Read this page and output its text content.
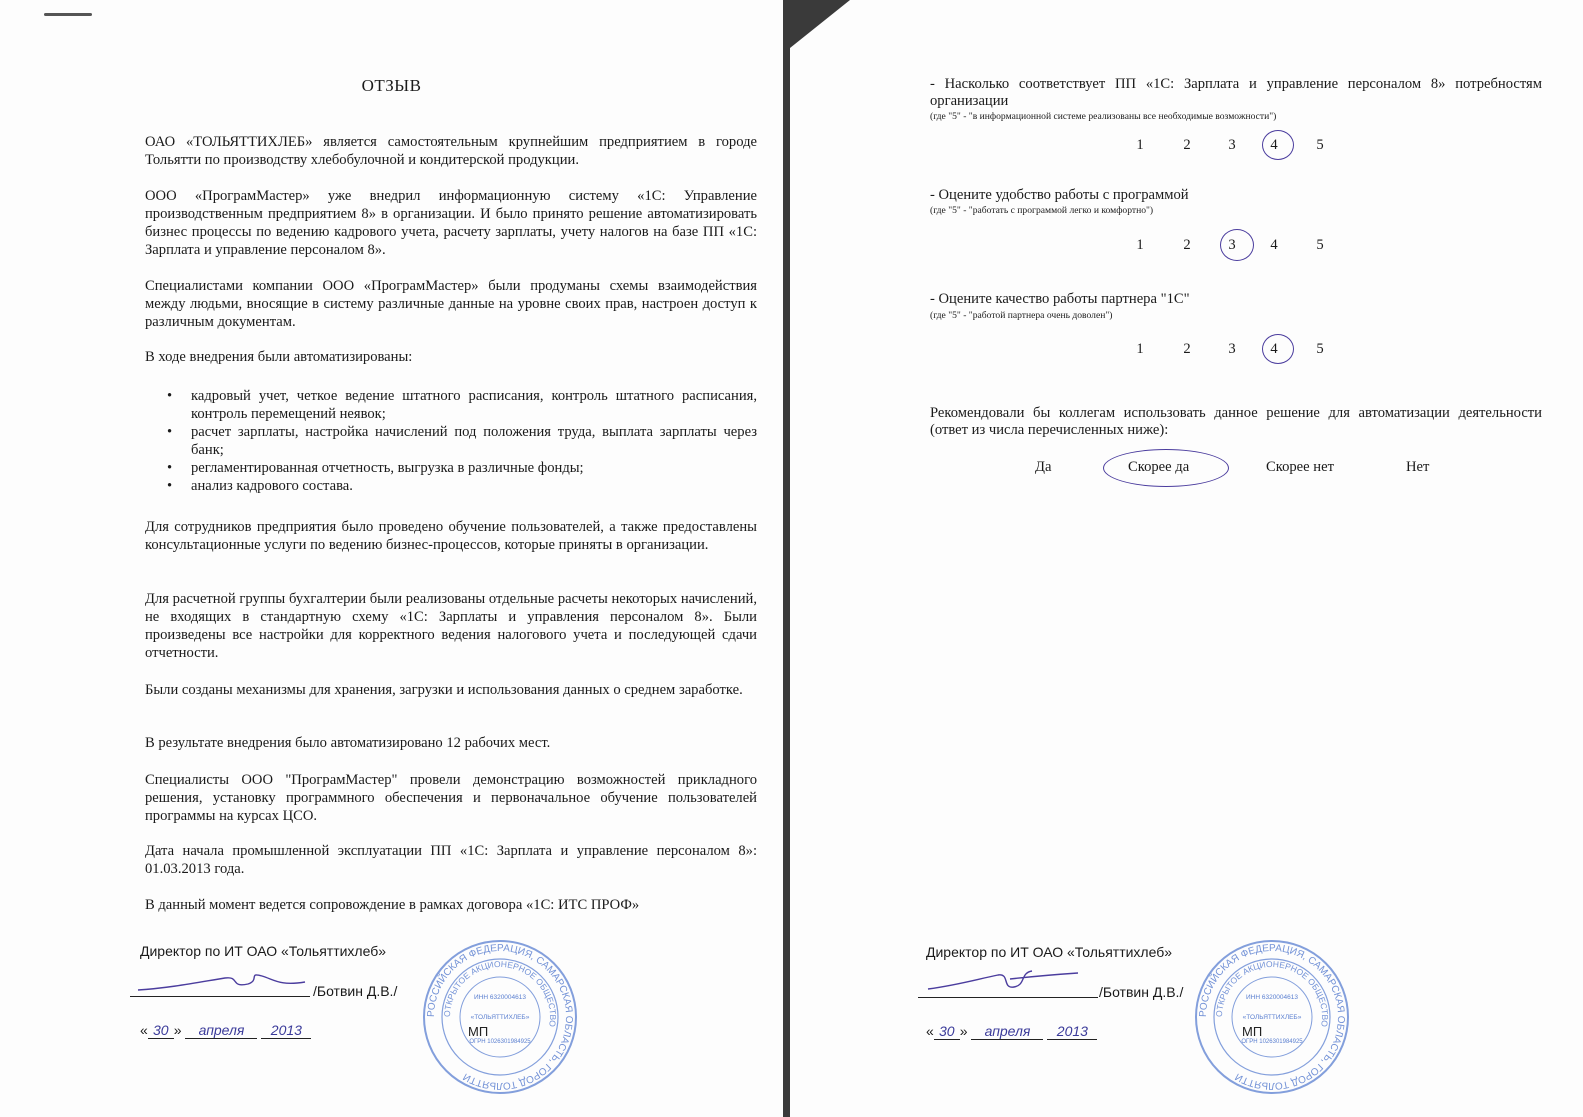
ОТЗЫВ

ОАО «ТОЛЬЯТТИХЛЕБ» является самостоятельным крупнейшим предприятием в городе Тольятти по производству хлебобулочной и кондитерской продукции.

ООО «ПрограмМастер» уже внедрил информационную систему «1С: Управление производственным предприятием 8» в организации. И было принято решение автоматизировать бизнес процессы по ведению кадрового учета, расчету зарплаты, учету налогов на базе ПП «1С: Зарплата и управление персоналом 8».

Специалистами компании ООО «ПрограмМастер» были продуманы схемы взаимодействия между людьми, вносящие в систему различные данные на уровне своих прав, настроен доступ к различным документам.

В ходе внедрения были автоматизированы:

• кадровый учет, четкое ведение штатного расписания, контроль штатного расписания, контроль перемещений неявок;
• расчет зарплаты, настройка начислений под положения труда, выплата зарплаты через банк;
• регламентированная отчетность, выгрузка в различные фонды;
• анализ кадрового состава.

Для сотрудников предприятия было проведено обучение пользователей, а также предоставлены консультационные услуги по ведению бизнес-процессов, которые приняты в организации.

Для расчетной группы бухгалтерии были реализованы отдельные расчеты некоторых начислений, не входящих в стандартную схему «1С: Зарплаты и управления персоналом 8». Были произведены все настройки для корректного ведения налогового учета и последующей сдачи отчетности.

Были созданы механизмы для хранения, загрузки и использования данных о среднем заработке.

В результате внедрения было автоматизировано 12 рабочих мест.

Специалисты ООО "ПрограмМастер" провели демонстрацию возможностей прикладного решения, установку программного обеспечения и первоначальное обучение пользователей программы на курсах ЦСО.

Дата начала промышленной эксплуатации ПП «1С: Зарплата и управление персоналом 8»: 01.03.2013 года.

В данный момент ведется сопровождение в рамках договора «1С: ИТС ПРОФ»

Директор по ИТ ОАО «Тольяттихлеб»
/Ботвин Д.В./
« 30 » апреля 2013
РОССИЙСКАЯ ФЕДЕРАЦИЯ, САМАРСКАЯ ОБЛАСТЬ, ГОРОД ТОЛЬЯТТИ
ОТКРЫТОЕ АКЦИОНЕРНОЕ ОБЩЕСТВО
ИНН 6320004613
«ТОЛЬЯТТИХЛЕБ»
ОГРН 1026301984925
МП

- Насколько соответствует ПП «1С: Зарплата и управление персоналом 8» потребностям организации

(где "5" - "в информационной системе реализованы все необходимые возможности")
1	2	3	4	5

- Оцените удобство работы с программой

(где "5" - "работать с программой легко и комфортно")
1	2	3	4	5

- Оцените качество работы партнера "1С"

(где "5" - "работой партнера очень доволен")
1	2	3	4	5

Рекомендовали бы коллегам использовать данное решение для автоматизации деятельности (ответ из числа перечисленных ниже):

Да	Скорее да	Скорее нет	Нет
Директор по ИТ ОАО «Тольяттихлеб»
/Ботвин Д.В./
« 30 » апреля 2013
РОССИЙСКАЯ ФЕДЕРАЦИЯ, САМАРСКАЯ ОБЛАСТЬ, ГОРОД ТОЛЬЯТТИ
ОТКРЫТОЕ АКЦИОНЕРНОЕ ОБЩЕСТВО
ИНН 6320004613
«ТОЛЬЯТТИХЛЕБ»
ОГРН 1026301984925
МП
